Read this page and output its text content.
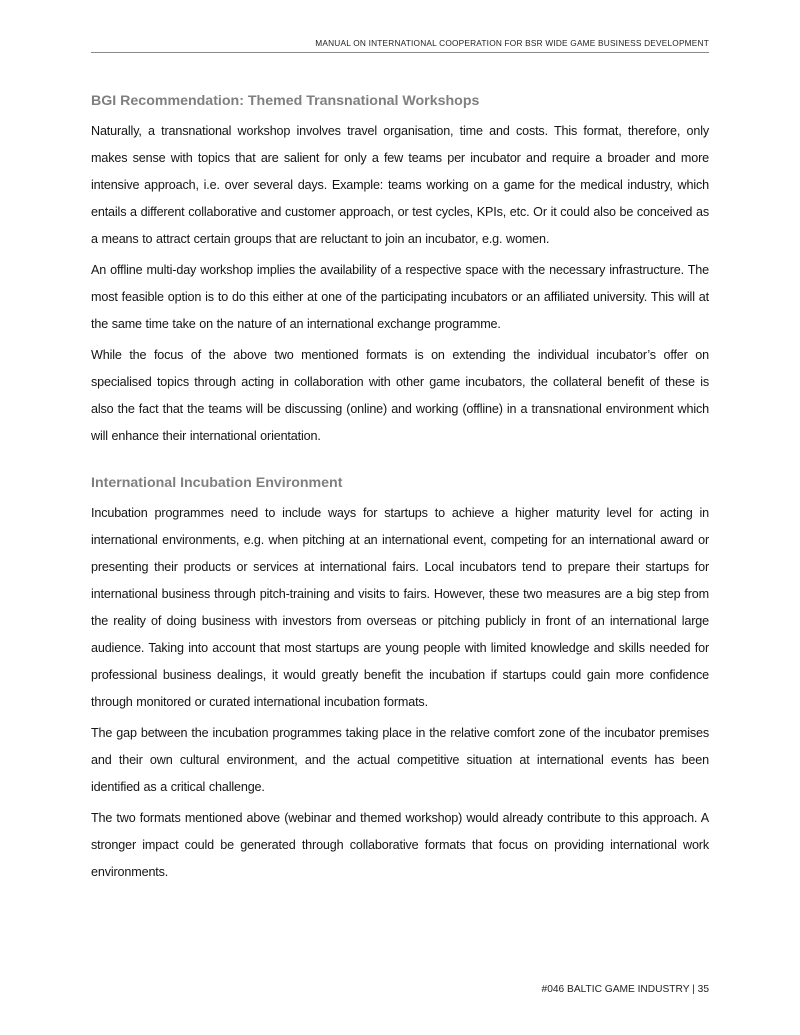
MANUAL ON INTERNATIONAL COOPERATION FOR BSR WIDE GAME BUSINESS DEVELOPMENT
BGI Recommendation: Themed Transnational Workshops

Naturally, a transnational workshop involves travel organisation, time and costs. This format, therefore, only makes sense with topics that are salient for only a few teams per incubator and require a broader and more intensive approach, i.e. over several days. Example: teams working on a game for the medical industry, which entails a different collaborative and customer approach, or test cycles, KPIs, etc. Or it could also be conceived as a means to attract certain groups that are reluctant to join an incubator, e.g. women.

An offline multi-day workshop implies the availability of a respective space with the necessary infrastructure. The most feasible option is to do this either at one of the participating incubators or an affiliated university. This will at the same time take on the nature of an international exchange programme.

While the focus of the above two mentioned formats is on extending the individual incubator’s offer on specialised topics through acting in collaboration with other game incubators, the collateral benefit of these is also the fact that the teams will be discussing (online) and working (offline) in a transnational environment which will enhance their international orientation.

International Incubation Environment

Incubation programmes need to include ways for startups to achieve a higher maturity level for acting in international environments, e.g. when pitching at an international event, competing for an international award or presenting their products or services at international fairs. Local incubators tend to prepare their startups for international business through pitch-training and visits to fairs. However, these two measures are a big step from the reality of doing business with investors from overseas or pitching publicly in front of an international large audience. Taking into account that most startups are young people with limited knowledge and skills needed for professional business dealings, it would greatly benefit the incubation if startups could gain more confidence through monitored or curated international incubation formats.

The gap between the incubation programmes taking place in the relative comfort zone of the incubator premises and their own cultural environment, and the actual competitive situation at international events has been identified as a critical challenge.

The two formats mentioned above (webinar and themed workshop) would already contribute to this approach. A stronger impact could be generated through collaborative formats that focus on providing international work environments.

#046 BALTIC GAME INDUSTRY | 35
